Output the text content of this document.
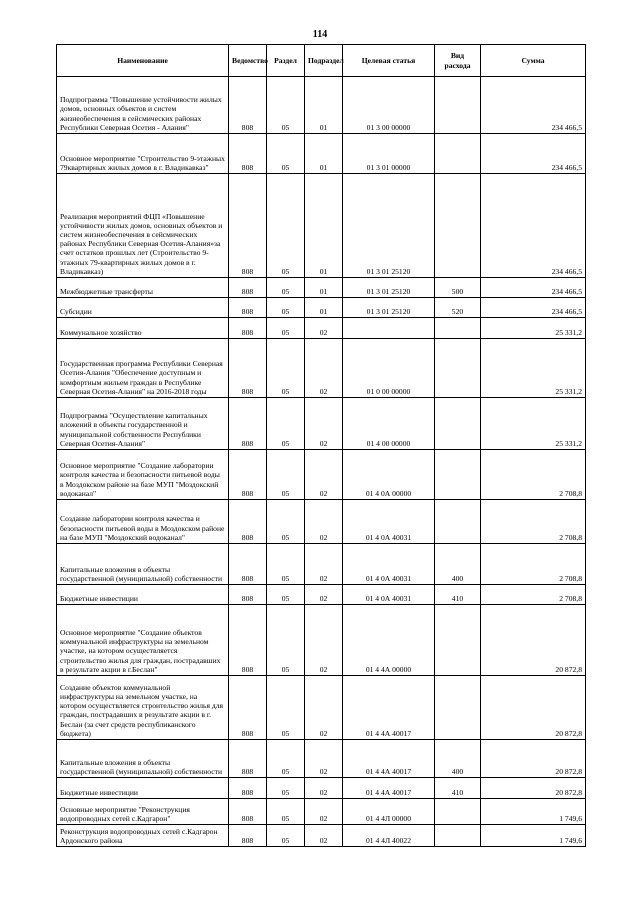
114
Наименование	Ведомство	Раздел	Подраздел	Целевая статья	Вид расхода	Сумма
Подпрограмма "Повышение устойчивости жилых домов, основных объектов и систем жизнеобеспечения в сейсмических районах Республики Северная Осетия - Алания"	808	05	01	01 3 00 00000		234 466,5
Основное мероприятие "Строительство 9-этажных 79квартирных жилых домов в г. Владикавказ"	808	05	01	01 3 01 00000		234 466,5
Реализация мероприятий ФЦП «Повышение устойчивости жилых домов, основных объектов и систем жизнеобеспечения в сейсмических районах Республики Северная Осетия-Алания»за счет остатков прошлых лет (Строительство 9-этажных 79-квартирных жилых домов в г. Владикавказ)	808	05	01	01 3 01 25120		234 466,5
Межбюджетные трансферты	808	05	01	01 3 01 25120	500	234 466,5
Субсидии	808	05	01	01 3 01 25120	520	234 466,5
Коммунальное хозяйство	808	05	02			25 331,2
Государственная программа Республики Северная Осетия-Алания "Обеспечение доступным и комфортным жильем граждан в Республике Северная Осетия-Алания" на 2016-2018 годы	808	05	02	01 0 00 00000		25 331,2
Подпрограмма "Осуществление капитальных вложений в объекты государственной и муниципальной собственности Республики Северная Осетия-Алания"	808	05	02	01 4 00 00000		25 331,2
Основное мероприятие "Создание лаборатории контроля качества и безопасности питьевой воды в Моздокском районе на базе МУП "Моздокский водоканал"	808	05	02	01 4 0А 00000		2 708,8
Создание лаборатории контроля качества и безопасности питьевой воды в Моздокском районе на базе МУП "Моздокский водоканал"	808	05	02	01 4 0А 40031		2 708,8
Капитальные вложения в объекты государственной (муниципальной) собственности	808	05	02	01 4 0А 40031	400	2 708,8
Бюджетные инвестиции	808	05	02	01 4 0А 40031	410	2 708,8
Основное мероприятие "Создание объектов коммунальной инфраструктуры на земельном участке, на котором осуществляется строительство жилья для граждан, пострадавших в результате акции в г.Беслан"	808	05	02	01 4 4А 00000		20 872,8
Создание объектов коммунальной инфраструктуры на земельном участке, на котором осуществляется строительство жилья для граждан, пострадавших в результате акции в г. Беслан (за счет средств республиканского бюджета)	808	05	02	01 4 4А 40017		20 872,8
Капитальные вложения в объекты государственной (муниципальной) собственности	808	05	02	01 4 4А 40017	400	20 872,8
Бюджетные инвестиции	808	05	02	01 4 4А 40017	410	20 872,8
Основные мероприятие "Реконструкция водопроводных сетей с.Кадгарон"	808	05	02	01 4 4Л 00000		1 749,6
Реконструкция водопроводных сетей с.Кадгарон Ардонского района	808	05	02	01 4 4Л 40022		1 749,6
